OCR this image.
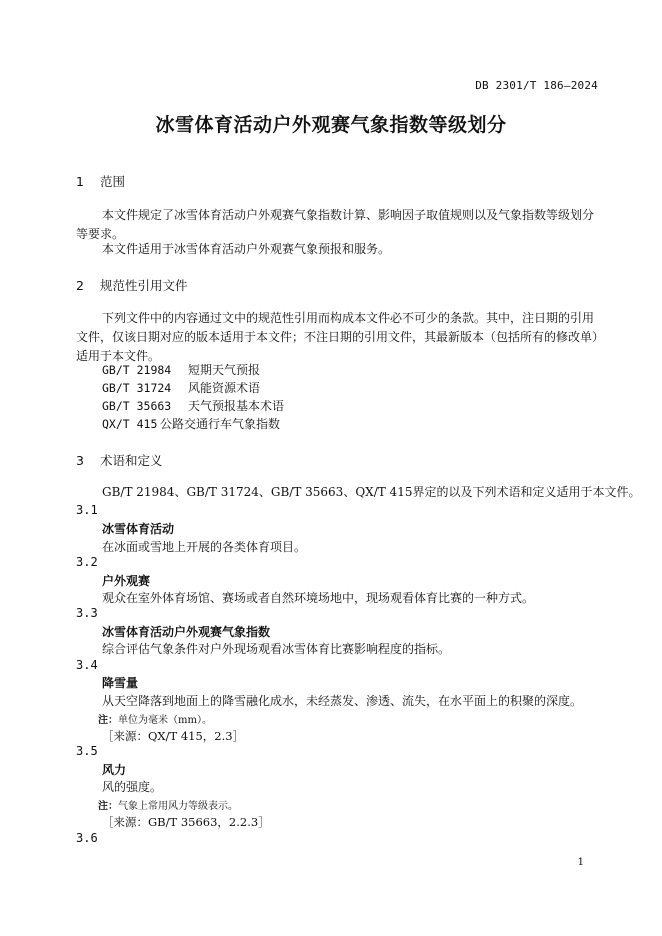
DB 2301/T 186—2024
冰雪体育活动户外观赛气象指数等级划分
1 范围
本文件规定了冰雪体育活动户外观赛气象指数计算、影响因子取值规则以及气象指数等级划分等要求。
本文件适用于冰雪体育活动户外观赛气象预报和服务。
2 规范性引用文件
下列文件中的内容通过文中的规范性引用而构成本文件必不可少的条款。其中，注日期的引用文件，仅该日期对应的版本适用于本文件；不注日期的引用文件，其最新版本（包括所有的修改单）适用于本文件。
GB/T 21984 短期天气预报
GB/T 31724 风能资源术语
GB/T 35663 天气预报基本术语
QX/T 415 公路交通行车气象指数
3 术语和定义
GB/T 21984、GB/T 31724、GB/T 35663、QX/T 415界定的以及下列术语和定义适用于本文件。
3.1
冰雪体育活动
在冰面或雪地上开展的各类体育项目。
3.2
户外观赛
观众在室外体育场馆、赛场或者自然环境场地中，现场观看体育比赛的一种方式。
3.3
冰雪体育活动户外观赛气象指数
综合评估气象条件对户外现场观看冰雪体育比赛影响程度的指标。
3.4
降雪量
从天空降落到地面上的降雪融化成水，未经蒸发、渗透、流失，在水平面上的积聚的深度。
注：单位为毫米（mm）。
［来源：QX/T 415，2.3］
3.5
风力
风的强度。
注：气象上常用风力等级表示。
［来源：GB/T 35663，2.2.3］
3.6
1
